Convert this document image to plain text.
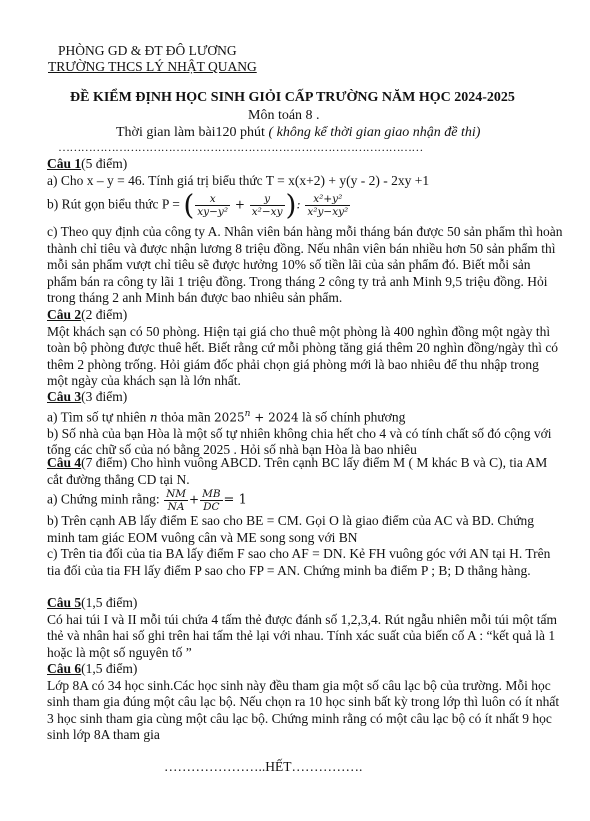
PHÒNG GD & ĐT ĐÔ LƯƠNG
TRƯỜNG THCS LÝ NHẬT QUANG
ĐỀ KIỂM ĐỊNH HỌC SINH GIỎI CẤP TRƯỜNG NĂM HỌC 2024-2025
Môn toán 8 .
Thời gian làm bài120 phút ( không kể thời gian giao nhận đề thi)
……………………………………………………………………………………

Câu 1(5 điểm)

a) Cho x – y = 46. Tính giá trị biểu thức T = x(x+2) + y(y - 2) - 2xy +1

b) Rút gọn biểu thức P = ( $\frac{x}{\text{xy−y²}} + \frac{y}{\text{x²−xy}}$ ): $\frac{\text{x²+y²}}{\text{x²y−xy²}}$

c) Theo quy định của công ty A. Nhân viên bán hàng mỗi tháng bán được 50 sản phẩm thì hoàn thành chỉ tiêu và được nhận lương 8 triệu đồng. Nếu nhân viên bán nhiều hơn 50 sản phẩm thì mỗi sản phẩm vượt chỉ tiêu sẽ được hưởng 10% số tiền lãi của sản phẩm đó. Biết mỗi sản phẩm bán ra công ty lãi 1 triệu đồng. Trong tháng 2 công ty trả anh Minh 9,5 triệu đồng. Hỏi trong tháng 2 anh Minh bán được bao nhiêu sản phẩm.

Câu 2(2 điểm)

Một khách sạn có 50 phòng. Hiện tại giá cho thuê một phòng là 400 nghìn đồng một ngày thì toàn bộ phòng được thuê hết. Biết rằng cứ mỗi phòng tăng giá thêm 20 nghìn đồng/ngày thì có thêm 2 phòng trống. Hỏi giám đốc phải chọn giá phòng mới là bao nhiêu để thu nhập trong một ngày của khách sạn là lớn nhất.

Câu 3(3 điểm)

a) Tìm số tự nhiên n thỏa mãn $2025^n + 2024$ là số chính phương

b) Số nhà của bạn Hòa là một số tự nhiên không chia hết cho 4 và có tính chất số đó cộng với tổng các chữ số của nó bằng 2025 . Hỏi số nhà bạn Hòa là bao nhiêu

Câu 4(7 điểm) Cho hình vuông ABCD. Trên cạnh BC lấy điểm M ( M khác B và C), tia AM cắt đường thẳng CD tại N.

a) Chứng minh rằng: $\frac{NM}{NA} + \frac{MB}{DC} = 1$

b) Trên cạnh AB lấy điểm E sao cho BE = CM. Gọi O là giao điểm của AC và BD. Chứng minh tam giác EOM vuông cân và ME song song với BN

c) Trên tia đối của tia BA lấy điểm F sao cho AF = DN. Kẻ FH vuông góc với AN tại H. Trên tia đối của tia FH lấy điểm P sao cho FP = AN. Chứng minh ba điểm P ; B; D thẳng hàng.

Câu 5(1,5 điểm)

Có hai túi I và II mỗi túi chứa 4 tấm thẻ được đánh số 1,2,3,4. Rút ngẫu nhiên mỗi túi một tấm thẻ và nhân hai số ghi trên hai tấm thẻ lại với nhau. Tính xác suất của biến cố A : “kết quả là 1 hoặc là một số nguyên tố ”

Câu 6(1,5 điểm)

Lớp 8A có 34 học sinh.Các học sinh này đều tham gia một số câu lạc bộ của trường. Mỗi học sinh tham gia đúng một câu lạc bộ. Nếu chọn ra 10 học sinh bất kỳ trong lớp thì luôn có ít nhất 3 học sinh tham gia cùng một câu lạc bộ. Chứng minh rằng có một câu lạc bộ có ít nhất 9 học sinh lớp 8A tham gia

…………………..HẾT…………….
